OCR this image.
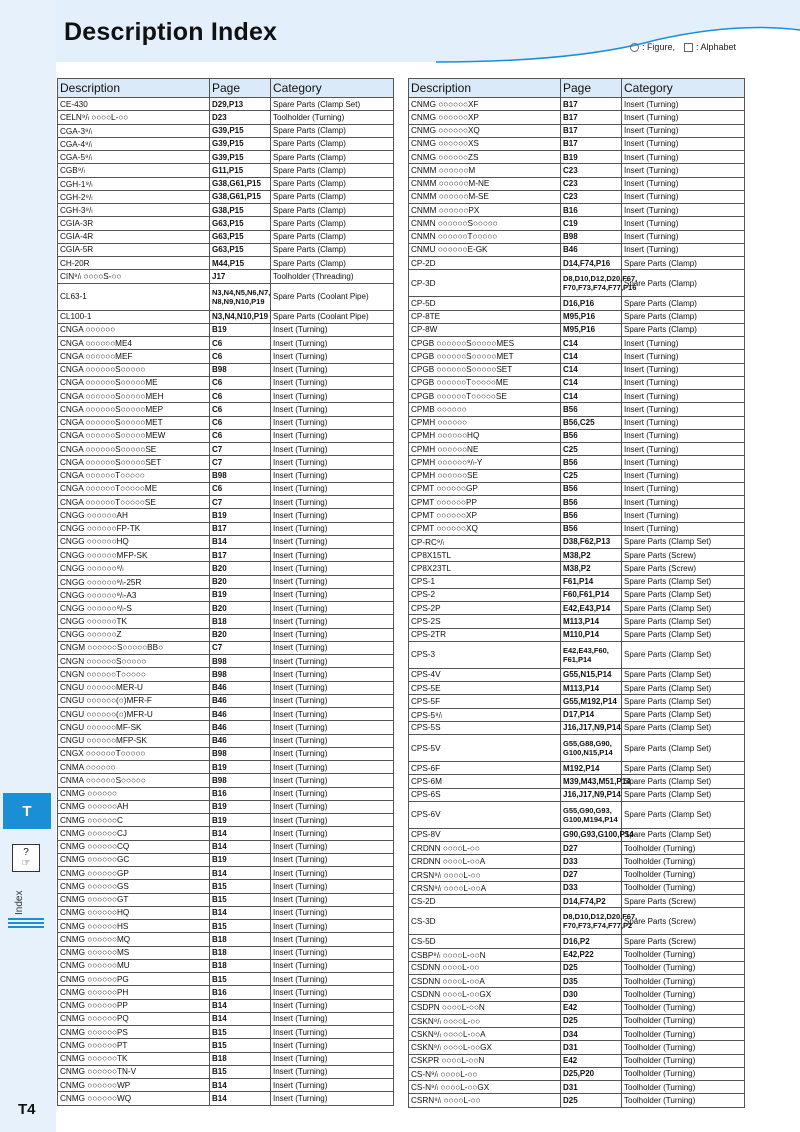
Description Index
: Figure, : Alphabet
Description	Page	Category
CE-430	D29,P13	Spare Parts (Clamp Set)
CELN⁹/ₗ ○○○○L-○○	D23	Toolholder (Turning)
CGA-3⁹/ₗ	G39,P15	Spare Parts (Clamp)
CGA-4⁹/ₗ	G39,P15	Spare Parts (Clamp)
CGA-5⁹/ₗ	G39,P15	Spare Parts (Clamp)
CGB⁹/ₗ	G11,P15	Spare Parts (Clamp)
CGH-1⁹/ₗ	G38,G61,P15	Spare Parts (Clamp)
CGH-2⁹/ₗ	G38,G61,P15	Spare Parts (Clamp)
CGH-3⁹/ₗ	G38,P15	Spare Parts (Clamp)
CGIA-3R	G63,P15	Spare Parts (Clamp)
CGIA-4R	G63,P15	Spare Parts (Clamp)
CGIA-5R	G63,P15	Spare Parts (Clamp)
CH-20R	M44,P15	Spare Parts (Clamp)
CIN⁹/ₗ ○○○○S-○○	J17	Toolholder (Threading)
CL63-1	N3,N4,N5,N6,N7, N8,N9,N10,P19	Spare Parts (Coolant Pipe)
CL100-1	N3,N4,N10,P19	Spare Parts (Coolant Pipe)
CNGA ○○○○○○	B19	Insert (Turning)
CNGA ○○○○○○ME4	C6	Insert (Turning)
CNGA ○○○○○○MEF	C6	Insert (Turning)
CNGA ○○○○○○S○○○○○	B98	Insert (Turning)
CNGA ○○○○○○S○○○○○ME	C6	Insert (Turning)
CNGA ○○○○○○S○○○○○MEH	C6	Insert (Turning)
CNGA ○○○○○○S○○○○○MEP	C6	Insert (Turning)
CNGA ○○○○○○S○○○○○MET	C6	Insert (Turning)
CNGA ○○○○○○S○○○○○MEW	C6	Insert (Turning)
CNGA ○○○○○○S○○○○○SE	C7	Insert (Turning)
CNGA ○○○○○○S○○○○○SET	C7	Insert (Turning)
CNGA ○○○○○○T○○○○○	B98	Insert (Turning)
CNGA ○○○○○○T○○○○○ME	C6	Insert (Turning)
CNGA ○○○○○○T○○○○○SE	C7	Insert (Turning)
CNGG ○○○○○○AH	B19	Insert (Turning)
CNGG ○○○○○○FP-TK	B17	Insert (Turning)
CNGG ○○○○○○HQ	B14	Insert (Turning)
CNGG ○○○○○○MFP-SK	B17	Insert (Turning)
CNGG ○○○○○○⁹/ₗ	B20	Insert (Turning)
CNGG ○○○○○○⁹/ₗ-25R	B20	Insert (Turning)
CNGG ○○○○○○⁹/ₗ-A3	B19	Insert (Turning)
CNGG ○○○○○○⁹/ₗ-S	B20	Insert (Turning)
CNGG ○○○○○○TK	B18	Insert (Turning)
CNGG ○○○○○○Z	B20	Insert (Turning)
CNGM ○○○○○○S○○○○○BB○	C7	Insert (Turning)
CNGN ○○○○○○S○○○○○	B98	Insert (Turning)
CNGN ○○○○○○T○○○○○	B98	Insert (Turning)
CNGU ○○○○○○MER-U	B46	Insert (Turning)
CNGU ○○○○○○(○)MFR-F	B46	Insert (Turning)
CNGU ○○○○○○(○)MFR-U	B46	Insert (Turning)
CNGU ○○○○○○MF-SK	B46	Insert (Turning)
CNGU ○○○○○○MFP-SK	B46	Insert (Turning)
CNGX ○○○○○○T○○○○○	B98	Insert (Turning)
CNMA ○○○○○○	B19	Insert (Turning)
CNMA ○○○○○○S○○○○○	B98	Insert (Turning)
CNMG ○○○○○○	B16	Insert (Turning)
CNMG ○○○○○○AH	B19	Insert (Turning)
CNMG ○○○○○○C	B19	Insert (Turning)
CNMG ○○○○○○CJ	B14	Insert (Turning)
CNMG ○○○○○○CQ	B14	Insert (Turning)
CNMG ○○○○○○GC	B19	Insert (Turning)
CNMG ○○○○○○GP	B14	Insert (Turning)
CNMG ○○○○○○GS	B15	Insert (Turning)
CNMG ○○○○○○GT	B15	Insert (Turning)
CNMG ○○○○○○HQ	B14	Insert (Turning)
CNMG ○○○○○○HS	B15	Insert (Turning)
CNMG ○○○○○○MQ	B18	Insert (Turning)
CNMG ○○○○○○MS	B18	Insert (Turning)
CNMG ○○○○○○MU	B18	Insert (Turning)
CNMG ○○○○○○PG	B15	Insert (Turning)
CNMG ○○○○○○PH	B16	Insert (Turning)
CNMG ○○○○○○PP	B14	Insert (Turning)
CNMG ○○○○○○PQ	B14	Insert (Turning)
CNMG ○○○○○○PS	B15	Insert (Turning)
CNMG ○○○○○○PT	B15	Insert (Turning)
CNMG ○○○○○○TK	B18	Insert (Turning)
CNMG ○○○○○○TN-V	B15	Insert (Turning)
CNMG ○○○○○○WP	B14	Insert (Turning)
CNMG ○○○○○○WQ	B14	Insert (Turning)
Description	Page	Category
CNMG ○○○○○○XF	B17	Insert (Turning)
CNMG ○○○○○○XP	B17	Insert (Turning)
CNMG ○○○○○○XQ	B17	Insert (Turning)
CNMG ○○○○○○XS	B17	Insert (Turning)
CNMG ○○○○○○ZS	B19	Insert (Turning)
CNMM ○○○○○○M	C23	Insert (Turning)
CNMM ○○○○○○M-NE	C23	Insert (Turning)
CNMM ○○○○○○M-SE	C23	Insert (Turning)
CNMM ○○○○○○PX	B16	Insert (Turning)
CNMN ○○○○○○S○○○○○	C19	Insert (Turning)
CNMN ○○○○○○T○○○○○	B98	Insert (Turning)
CNMU ○○○○○○E-GK	B46	Insert (Turning)
CP-2D	D14,F74,P16	Spare Parts (Clamp)
CP-3D	D8,D10,D12,D20,F67, F70,F73,F74,F77,P16	Spare Parts (Clamp)
CP-5D	D16,P16	Spare Parts (Clamp)
CP-8TE	M95,P16	Spare Parts (Clamp)
CP-8W	M95,P16	Spare Parts (Clamp)
CPGB ○○○○○○S○○○○○MES	C14	Insert (Turning)
CPGB ○○○○○○S○○○○○MET	C14	Insert (Turning)
CPGB ○○○○○○S○○○○○SET	C14	Insert (Turning)
CPGB ○○○○○○T○○○○○ME	C14	Insert (Turning)
CPGB ○○○○○○T○○○○○SE	C14	Insert (Turning)
CPMB ○○○○○○	B56	Insert (Turning)
CPMH ○○○○○○	B56,C25	Insert (Turning)
CPMH ○○○○○○HQ	B56	Insert (Turning)
CPMH ○○○○○○NE	C25	Insert (Turning)
CPMH ○○○○○○⁹/ₗ-Y	B56	Insert (Turning)
CPMH ○○○○○○SE	C25	Insert (Turning)
CPMT ○○○○○○GP	B56	Insert (Turning)
CPMT ○○○○○○PP	B56	Insert (Turning)
CPMT ○○○○○○XP	B56	Insert (Turning)
CPMT ○○○○○○XQ	B56	Insert (Turning)
CP-RC⁹/ₗ	D38,F62,P13	Spare Parts (Clamp Set)
CP8X15TL	M38,P2	Spare Parts (Screw)
CP8X23TL	M38,P2	Spare Parts (Screw)
CPS-1	F61,P14	Spare Parts (Clamp Set)
CPS-2	F60,F61,P14	Spare Parts (Clamp Set)
CPS-2P	E42,E43,P14	Spare Parts (Clamp Set)
CPS-2S	M113,P14	Spare Parts (Clamp Set)
CPS-2TR	M110,P14	Spare Parts (Clamp Set)
CPS-3	E42,E43,F60, F61,P14	Spare Parts (Clamp Set)
CPS-4V	G55,N15,P14	Spare Parts (Clamp Set)
CPS-5E	M113,P14	Spare Parts (Clamp Set)
CPS-5F	G55,M192,P14	Spare Parts (Clamp Set)
CPS-5⁹/ₗ	D17,P14	Spare Parts (Clamp Set)
CPS-5S	J16,J17,N9,P14	Spare Parts (Clamp Set)
CPS-5V	G55,G88,G90, G100,N15,P14	Spare Parts (Clamp Set)
CPS-6F	M192,P14	Spare Parts (Clamp Set)
CPS-6M	M39,M43,M51,P14	Spare Parts (Clamp Set)
CPS-6S	J16,J17,N9,P14	Spare Parts (Clamp Set)
CPS-6V	G55,G90,G93, G100,M194,P14	Spare Parts (Clamp Set)
CPS-8V	G90,G93,G100,P14	Spare Parts (Clamp Set)
CRDNN ○○○○L-○○	D27	Toolholder (Turning)
CRDNN ○○○○L-○○A	D33	Toolholder (Turning)
CRSN⁹/ₗ ○○○○L-○○	D27	Toolholder (Turning)
CRSN⁹/ₗ ○○○○L-○○A	D33	Toolholder (Turning)
CS-2D	D14,F74,P2	Spare Parts (Screw)
CS-3D	D8,D10,D12,D20,F67, F70,F73,F74,F77,P2	Spare Parts (Screw)
CS-5D	D16,P2	Spare Parts (Screw)
CSBP⁹/ₗ ○○○○L-○○N	E42,P22	Toolholder (Turning)
CSDNN ○○○○L-○○	D25	Toolholder (Turning)
CSDNN ○○○○L-○○A	D35	Toolholder (Turning)
CSDNN ○○○○L-○○GX	D30	Toolholder (Turning)
CSDPN ○○○○L-○○N	E42	Toolholder (Turning)
CSKN⁹/ₗ ○○○○L-○○	D25	Toolholder (Turning)
CSKN⁹/ₗ ○○○○L-○○A	D34	Toolholder (Turning)
CSKN⁹/ₗ ○○○○L-○○GX	D31	Toolholder (Turning)
CSKPR ○○○○L-○○N	E42	Toolholder (Turning)
CS-N⁹/ₗ ○○○○L-○○	D25,P20	Toolholder (Turning)
CS-N⁹/ₗ ○○○○L-○○GX	D31	Toolholder (Turning)
CSRN⁹/ₗ ○○○○L-○○	D25	Toolholder (Turning)
T
?
☞
Index
T4
